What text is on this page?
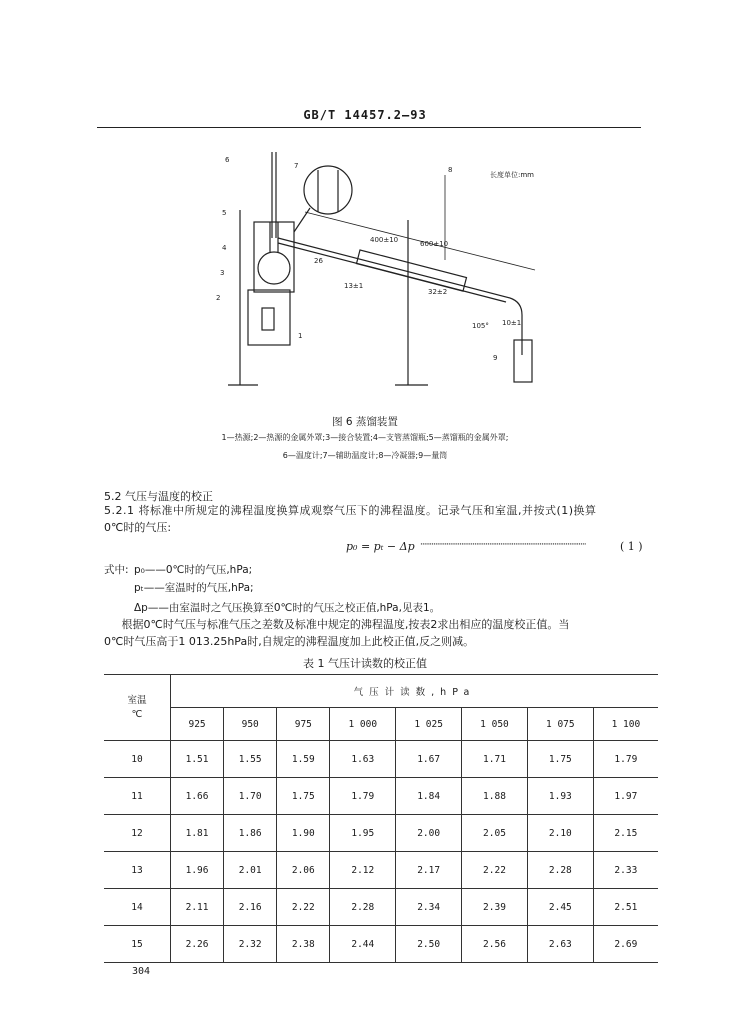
GB/T 14457.2—93
1
2
3
4
5
6
7	8
9
400±10	600±10
26
13±1
32±2
10±1
105°
长度单位:mm
图 6 蒸馏装置
1—热源;2—热源的金属外罩;3—接合装置;4—支管蒸馏瓶;5—蒸馏瓶的金属外罩;
6—温度计;7—辅助温度计;8—冷凝器;9—量筒
5.2 气压与温度的校正
5.2.1 将标准中所规定的沸程温度换算成观察气压下的沸程温度。记录气压和室温,并按式(1)换算
0℃时的气压:
p₀ = pₜ − Δp ·························································································	( 1 )
式中: p₀——0℃时的气压,hPa;
pₜ——室温时的气压,hPa;
Δp——由室温时之气压换算至0℃时的气压之校正值,hPa,见表1。
根据0℃时气压与标准气压之差数及标准中规定的沸程温度,按表2求出相应的温度校正值。当
0℃时气压高于1 013.25hPa时,自规定的沸程温度加上此校正值,反之则减。
表 1 气压计读数的校正值
室温
℃	气压计读数,hPa							
	925	950	975	1 000	1 025	1 050	1 075	1 100
10	1.51	1.55	1.59	1.63	1.67	1.71	1.75	1.79
11	1.66	1.70	1.75	1.79	1.84	1.88	1.93	1.97
12	1.81	1.86	1.90	1.95	2.00	2.05	2.10	2.15
13	1.96	2.01	2.06	2.12	2.17	2.22	2.28	2.33
14	2.11	2.16	2.22	2.28	2.34	2.39	2.45	2.51
15	2.26	2.32	2.38	2.44	2.50	2.56	2.63	2.69
304
